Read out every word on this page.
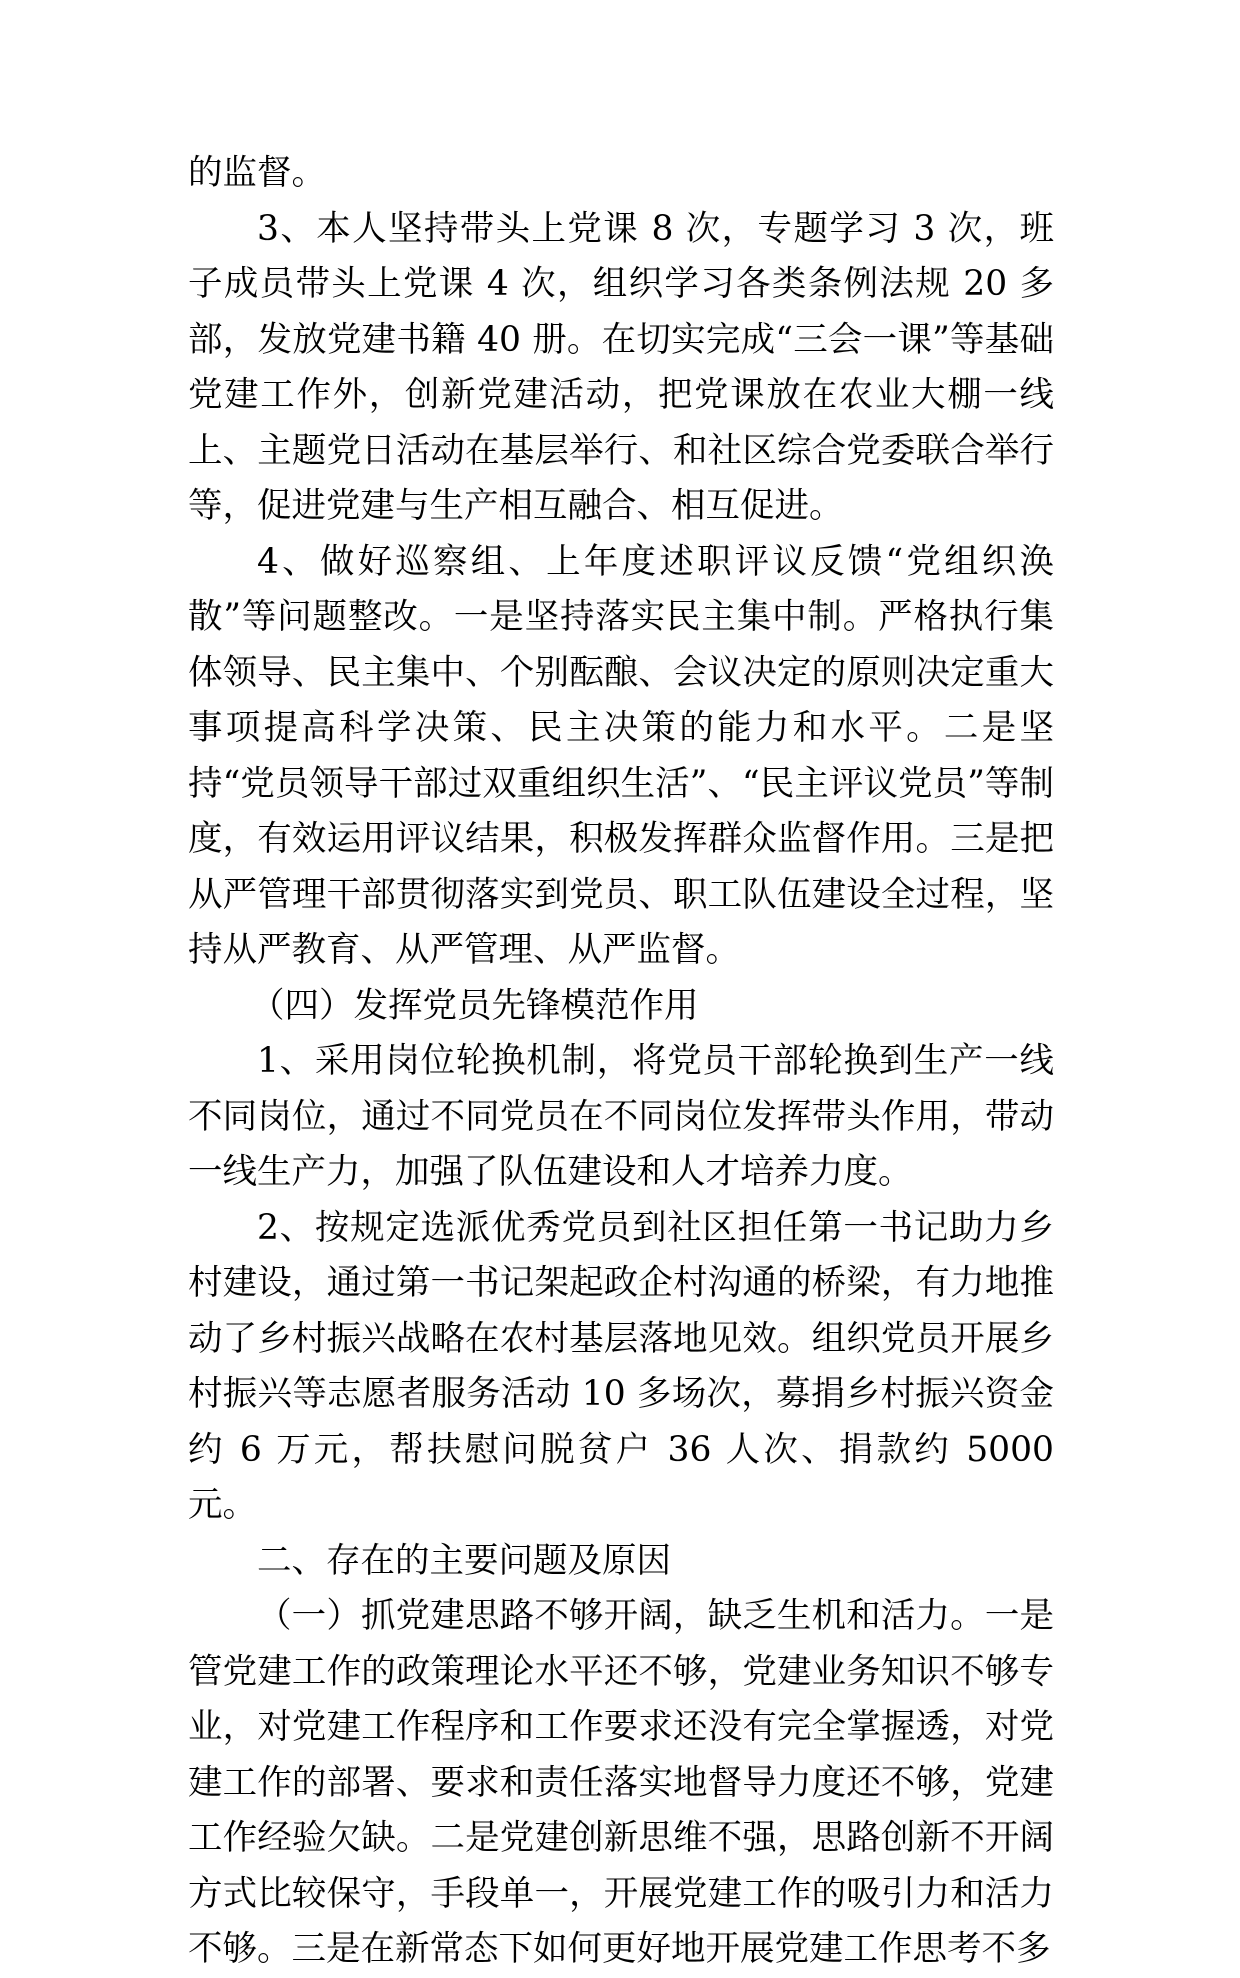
的监督。

3、本人坚持带头上党课 8 次，专题学习 3 次，班子成员带头上党课 4 次，组织学习各类条例法规 20 多部，发放党建书籍 40 册。在切实完成“三会一课”等基础党建工作外，创新党建活动，把党课放在农业大棚一线上、主题党日活动在基层举行、和社区综合党委联合举行等，促进党建与生产相互融合、相互促进。

4、做好巡察组、上年度述职评议反馈“党组织涣散”等问题整改。一是坚持落实民主集中制。严格执行集体领导、民主集中、个别酝酿、会议决定的原则决定重大事项提高科学决策、民主决策的能力和水平。二是坚持“党员领导干部过双重组织生活”、“民主评议党员”等制度，有效运用评议结果，积极发挥群众监督作用。三是把从严管理干部贯彻落实到党员、职工队伍建设全过程，坚持从严教育、从严管理、从严监督。

（四）发挥党员先锋模范作用

1、采用岗位轮换机制，将党员干部轮换到生产一线不同岗位，通过不同党员在不同岗位发挥带头作用，带动一线生产力，加强了队伍建设和人才培养力度。

2、按规定选派优秀党员到社区担任第一书记助力乡村建设，通过第一书记架起政企村沟通的桥梁，有力地推动了乡村振兴战略在农村基层落地见效。组织党员开展乡村振兴等志愿者服务活动 10 多场次，募捐乡村振兴资金约 6 万元，帮扶慰问脱贫户 36 人次、捐款约 5000 元。

二、存在的主要问题及原因

（一）抓党建思路不够开阔，缺乏生机和活力。一是管党建工作的政策理论水平还不够，党建业务知识不够专业，对党建工作程序和工作要求还没有完全掌握透，对党建工作的部署、要求和责任落实地督导力度还不够，党建工作经验欠缺。二是党建创新思维不强，思路创新不开阔方式比较保守，手段单一，开展党建工作的吸引力和活力不够。三是在新常态下如何更好地开展党建工作思考不多
